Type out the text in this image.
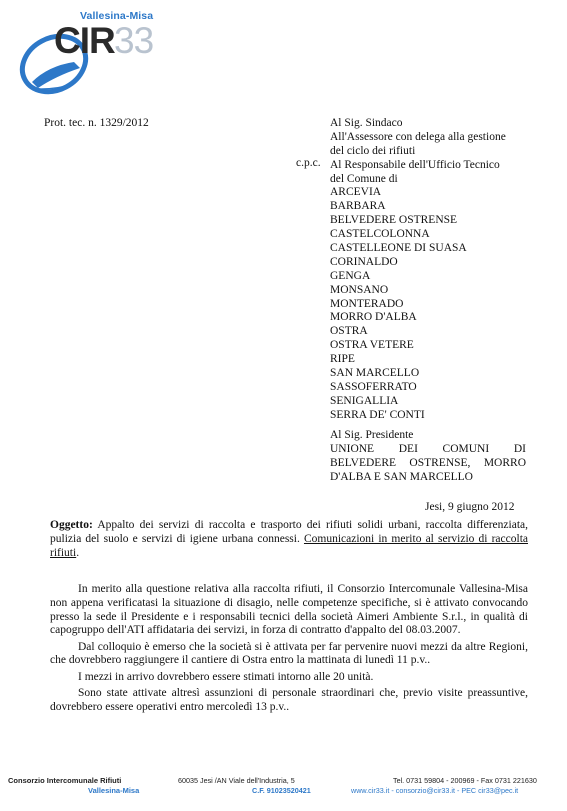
Vallesina-Misa
CIR 33
Prot. tec. n. 1329/2012
c.p.c.
Al Sig. Sindaco
All'Assessore con delega alla gestione
del ciclo dei rifiuti
Al Responsabile dell'Ufficio Tecnico
del Comune di
ARCEVIA
BARBARA
BELVEDERE OSTRENSE
CASTELCOLONNA
CASTELLEONE DI SUASA
CORINALDO
GENGA
MONSANO
MONTERADO
MORRO D'ALBA
OSTRA
OSTRA VETERE
RIPE
SAN MARCELLO
SASSOFERRATO
SENIGALLIA
SERRA DE' CONTI
Al Sig. Presidente
UNIONE DEI COMUNI DI
BELVEDERE OSTRENSE, MORRO
D'ALBA E SAN MARCELLO
Jesi, 9 giugno 2012
Oggetto: Appalto dei servizi di raccolta e trasporto dei rifiuti solidi urbani, raccolta differenziata, pulizia del suolo e servizi di igiene urbana connessi. Comunicazioni in merito al servizio di raccolta rifiuti.

In merito alla questione relativa alla raccolta rifiuti, il Consorzio Intercomunale Vallesina-Misa non appena verificatasi la situazione di disagio, nelle competenze specifiche, si è attivato convocando presso la sede il Presidente e i responsabili tecnici della società Aimeri Ambiente S.r.l., in qualità di capogruppo dell'ATI affidataria dei servizi, in forza di contratto d'appalto del 08.03.2007.

Dal colloquio è emerso che la società si è attivata per far pervenire nuovi mezzi da altre Regioni, che dovrebbero raggiungere il cantiere di Ostra entro la mattinata di lunedì 11 p.v..

I mezzi in arrivo dovrebbero essere stimati intorno alle 20 unità.

Sono state attivate altresì assunzioni di personale straordinari che, previo visite preassuntive, dovrebbero essere operativi entro mercoledì 13 p.v..

Consorzio Intercomunale Rifiuti
Vallesina-Misa
60035 Jesi /AN Viale dell'Industria, 5
C.F. 91023520421
Tel. 0731 59804 - 200969 - Fax 0731 221630
www.cir33.it - consorzio@cir33.it - PEC cir33@pec.it
